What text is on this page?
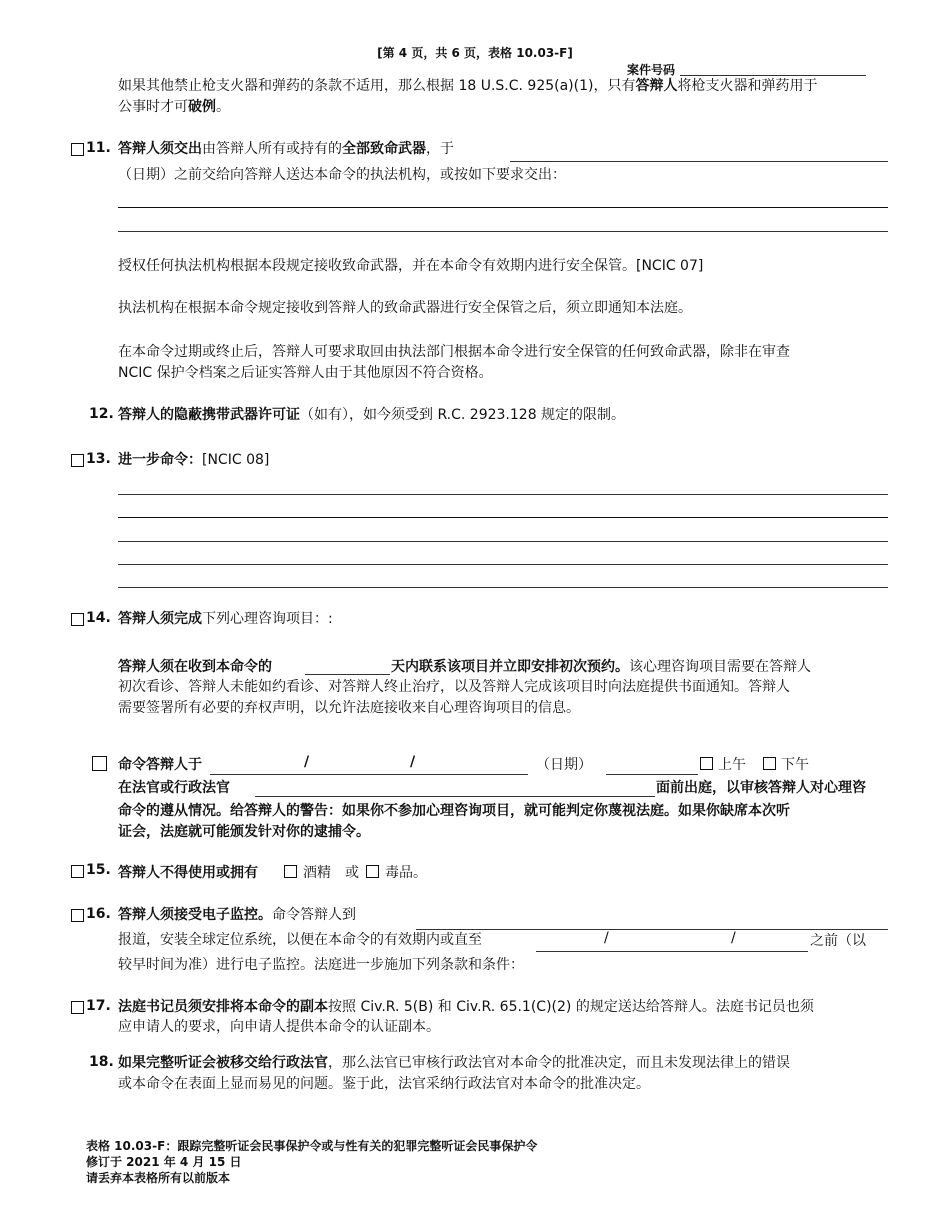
[第 4 页，共 6 页，表格 10.03-F]
案件号码
如果其他禁止枪支火器和弹药的条款不适用，那么根据 18 U.S.C. 925(a)(1)，只有答辩人将枪支火器和弹药用于
公事时才可破例。
11. 答辩人须交出由答辩人所有或持有的全部致命武器，于
（日期）之前交给向答辩人送达本命令的执法机构，或按如下要求交出：
授权任何执法机构根据本段规定接收致命武器，并在本命令有效期内进行安全保管。[NCIC 07]
执法机构在根据本命令规定接收到答辩人的致命武器进行安全保管之后，须立即通知本法庭。
在本命令过期或终止后，答辩人可要求取回由执法部门根据本命令进行安全保管的任何致命武器，除非在审查
NCIC 保护令档案之后证实答辩人由于其他原因不符合资格。
12. 答辩人的隐蔽携带武器许可证（如有），如今须受到 R.C. 2923.128 规定的限制。
13. 进一步命令：[NCIC 08]
14. 答辩人须完成下列心理咨询项目：:
答辩人须在收到本命令的	天内联系该项目并立即安排初次预约。该心理咨询项目需要在答辩人
初次看诊、答辩人未能如约看诊、对答辩人终止治疗，以及答辩人完成该项目时向法庭提供书面通知。答辩人
需要签署所有必要的弃权声明，以允许法庭接收来自心理咨询项目的信息。
命令答辩人于	/	/	（日期）	上午	下午
在法官或行政法官	面前出庭，以审核答辩人对心理咨
命令的遵从情况。给答辩人的警告：如果你不参加心理咨询项目，就可能判定你蔑视法庭。如果你缺席本次听
证会，法庭就可能颁发针对你的逮捕令。
15. 答辩人不得使用或拥有	酒精 或 毒品。
16. 答辩人须接受电子监控。命令答辩人到
报道，安装全球定位系统，以便在本命令的有效期内或直至	/	/	之前（以
较早时间为准）进行电子监控。法庭进一步施加下列条款和条件：
17. 法庭书记员须安排将本命令的副本按照 Civ.R. 5(B) 和 Civ.R. 65.1(C)(2) 的规定送达给答辩人。法庭书记员也须
应申请人的要求，向申请人提供本命令的认证副本。
18. 如果完整听证会被移交给行政法官，那么法官已审核行政法官对本命令的批准决定，而且未发现法律上的错误
或本命令在表面上显而易见的问题。鉴于此，法官采纳行政法官对本命令的批准决定。
表格 10.03-F：跟踪完整听证会民事保护令或与性有关的犯罪完整听证会民事保护令
修订于 2021 年 4 月 15 日
请丢弃本表格所有以前版本
